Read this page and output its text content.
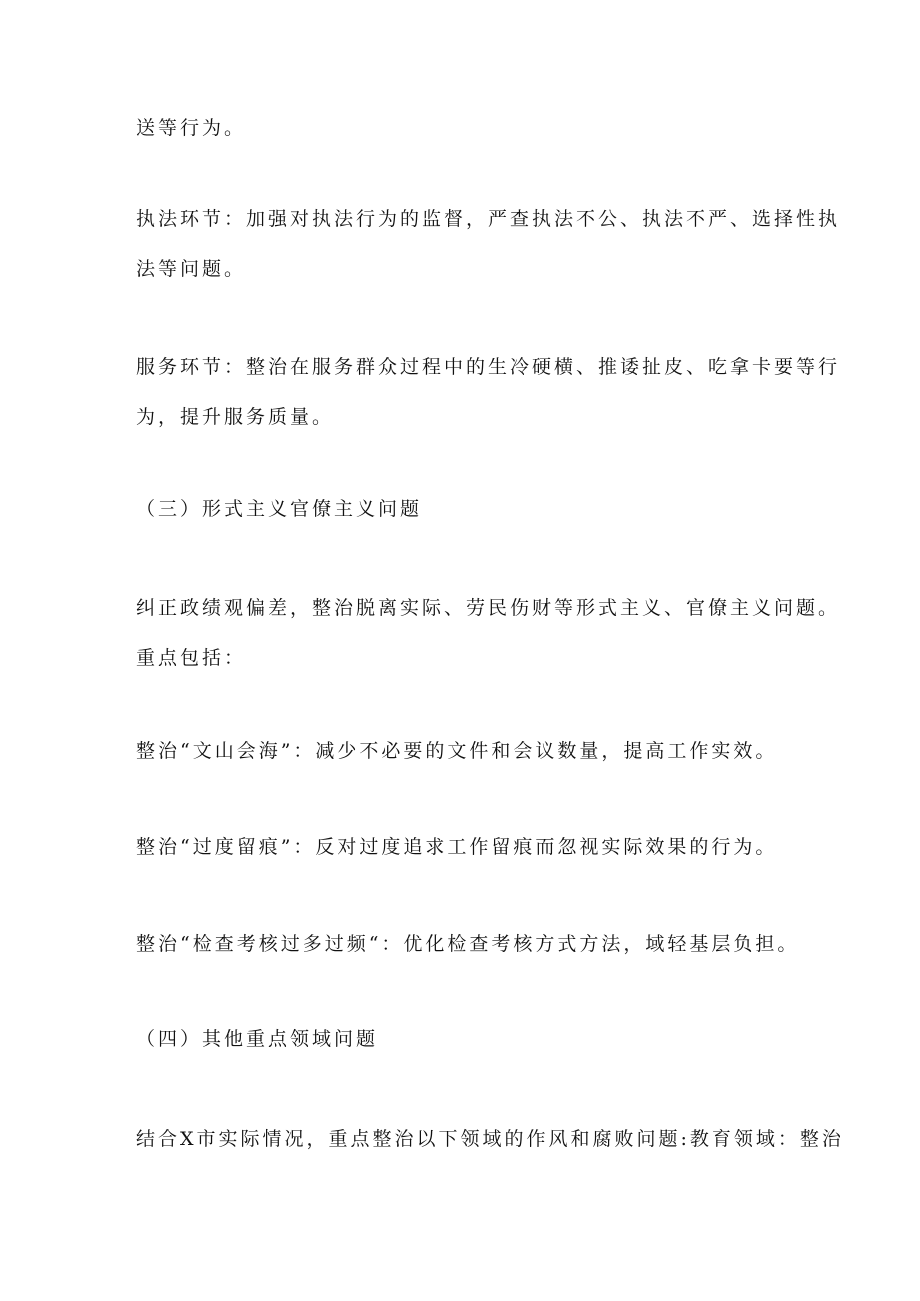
送等行为。
执法环节：加强对执法行为的监督，严查执法不公、执法不严、选择性执
法等问题。
服务环节：整治在服务群众过程中的生冷硬横、推诿扯皮、吃拿卡要等行
为，提升服务质量。
（三）形式主义官僚主义问题
纠正政绩观偏差，整治脱离实际、劳民伤财等形式主义、官僚主义问题。
重点包括：
整治“文山会海”：减少不必要的文件和会议数量，提高工作实效。
整治“过度留痕”：反对过度追求工作留痕而忽视实际效果的行为。
整治“检查考核过多过频“：优化检查考核方式方法，域轻基层负担。
（四）其他重点领域问题
结合X市实际情况，重点整治以下领域的作风和腐败问题:教育领域：整治
